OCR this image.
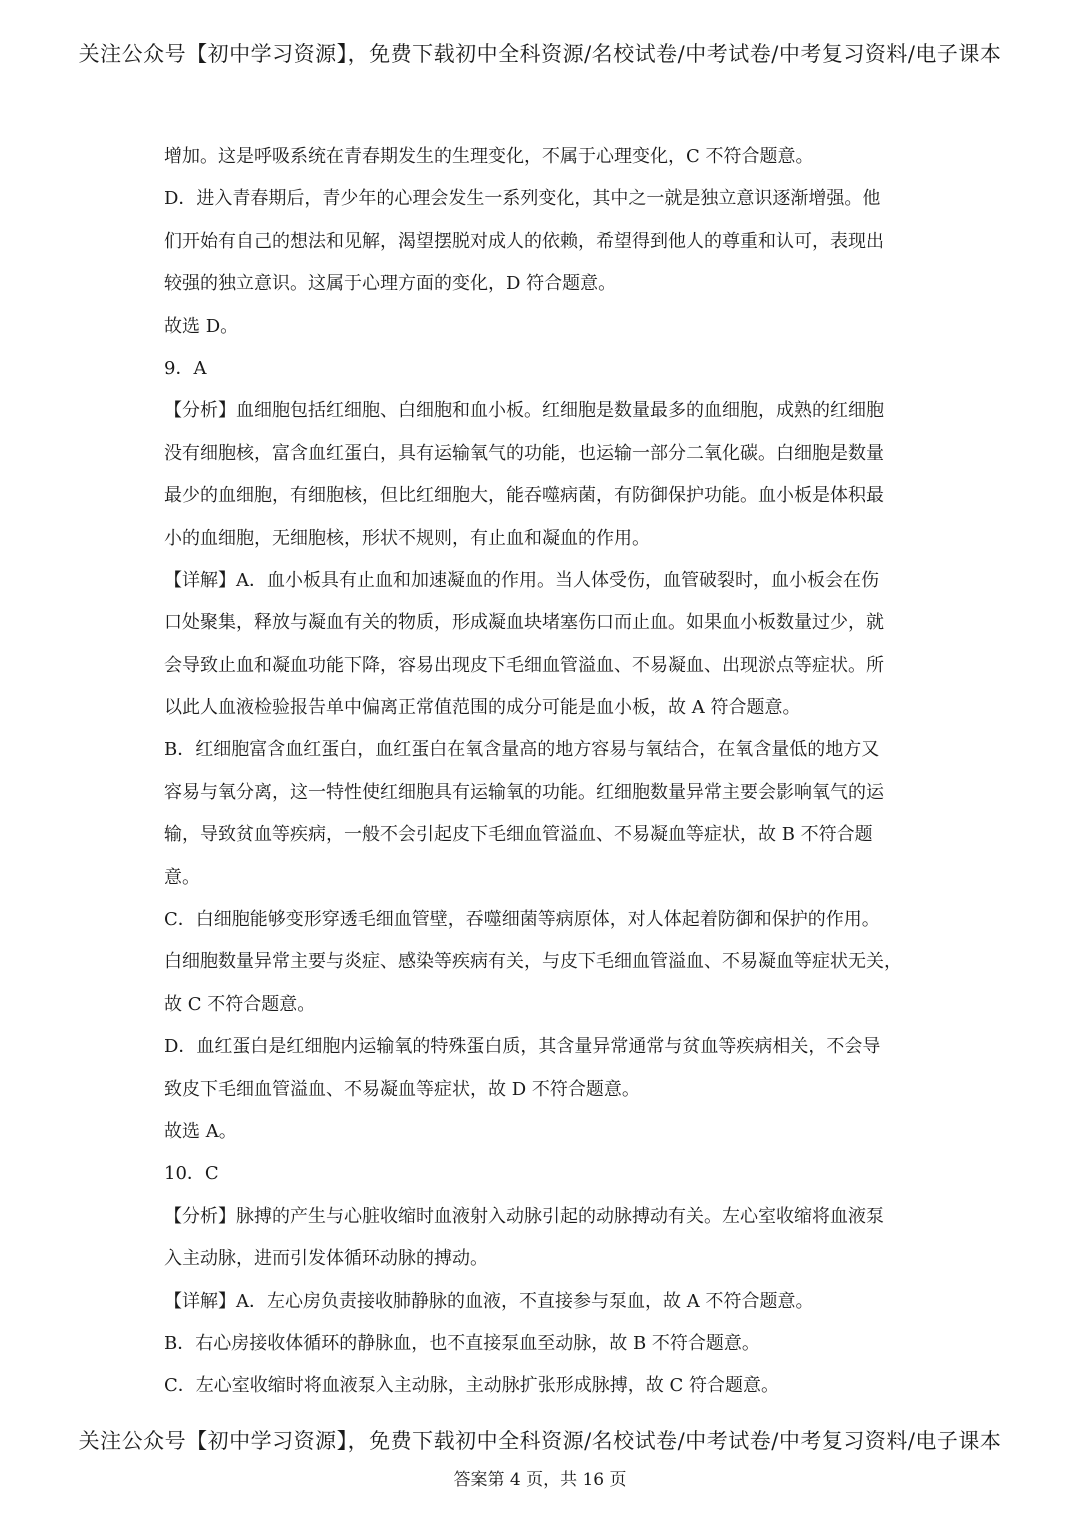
关注公众号【初中学习资源】，免费下载初中全科资源/名校试卷/中考试卷/中考复习资料/电子课本
增加。这是呼吸系统在青春期发生的生理变化，不属于心理变化，C 不符合题意。
D．进入青春期后，青少年的心理会发生一系列变化，其中之一就是独立意识逐渐增强。他
们开始有自己的想法和见解，渴望摆脱对成人的依赖，希望得到他人的尊重和认可，表现出
较强的独立意识。这属于心理方面的变化，D 符合题意。
故选 D。
9．A
【分析】血细胞包括红细胞、白细胞和血小板。红细胞是数量最多的血细胞，成熟的红细胞
没有细胞核，富含血红蛋白，具有运输氧气的功能，也运输一部分二氧化碳。白细胞是数量
最少的血细胞，有细胞核，但比红细胞大，能吞噬病菌，有防御保护功能。血小板是体积最
小的血细胞，无细胞核，形状不规则，有止血和凝血的作用。
【详解】A．血小板具有止血和加速凝血的作用。当人体受伤，血管破裂时，血小板会在伤
口处聚集，释放与凝血有关的物质，形成凝血块堵塞伤口而止血。如果血小板数量过少，就
会导致止血和凝血功能下降，容易出现皮下毛细血管溢血、不易凝血、出现淤点等症状。所
以此人血液检验报告单中偏离正常值范围的成分可能是血小板，故 A 符合题意。
B．红细胞富含血红蛋白，血红蛋白在氧含量高的地方容易与氧结合，在氧含量低的地方又
容易与氧分离，这一特性使红细胞具有运输氧的功能。红细胞数量异常主要会影响氧气的运
输，导致贫血等疾病，一般不会引起皮下毛细血管溢血、不易凝血等症状，故 B 不符合题
意。
C．白细胞能够变形穿透毛细血管壁，吞噬细菌等病原体，对人体起着防御和保护的作用。
白细胞数量异常主要与炎症、感染等疾病有关，与皮下毛细血管溢血、不易凝血等症状无关，
故 C 不符合题意。
D．血红蛋白是红细胞内运输氧的特殊蛋白质，其含量异常通常与贫血等疾病相关，不会导
致皮下毛细血管溢血、不易凝血等症状，故 D 不符合题意。
故选 A。
10．C
【分析】脉搏的产生与心脏收缩时血液射入动脉引起的动脉搏动有关。左心室收缩将血液泵
入主动脉，进而引发体循环动脉的搏动。
【详解】A．左心房负责接收肺静脉的血液，不直接参与泵血，故 A 不符合题意。
B．右心房接收体循环的静脉血，也不直接泵血至动脉，故 B 不符合题意。
C．左心室收缩时将血液泵入主动脉，主动脉扩张形成脉搏，故 C 符合题意。
关注公众号【初中学习资源】，免费下载初中全科资源/名校试卷/中考试卷/中考复习资料/电子课本
答案第 4 页，共 16 页
